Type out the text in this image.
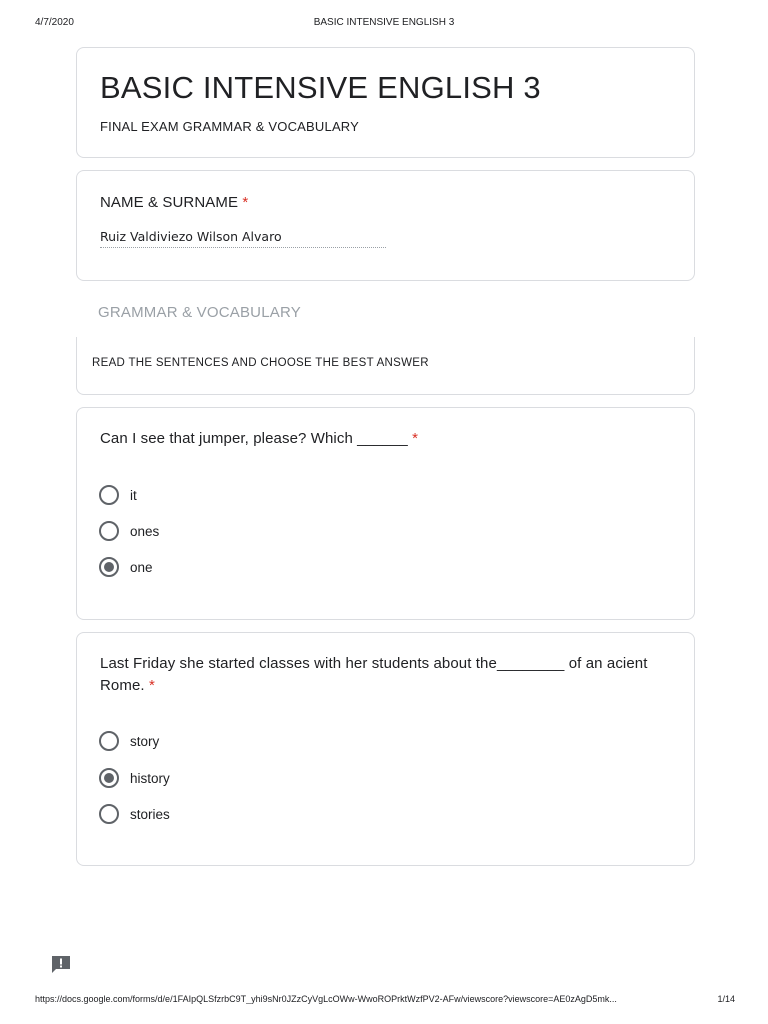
4/7/2020	BASIC INTENSIVE ENGLISH 3
BASIC INTENSIVE ENGLISH 3
FINAL EXAM GRAMMAR & VOCABULARY
NAME & SURNAME *
Ruiz Valdiviezo Wilson Alvaro
GRAMMAR & VOCABULARY
READ THE SENTENCES AND CHOOSE THE BEST ANSWER
Can I see that jumper, please? Which ______ *
it
ones
one
Last Friday she started classes with her students about the________ of an acient Rome. *
story
history
stories
https://docs.google.com/forms/d/e/1FAIpQLSfzrbC9T_yhi9sNr0JZzCyVgLcOWw-WwoROPrktWzfPV2-AFw/viewscore?viewscore=AE0zAgD5mk...	1/14
